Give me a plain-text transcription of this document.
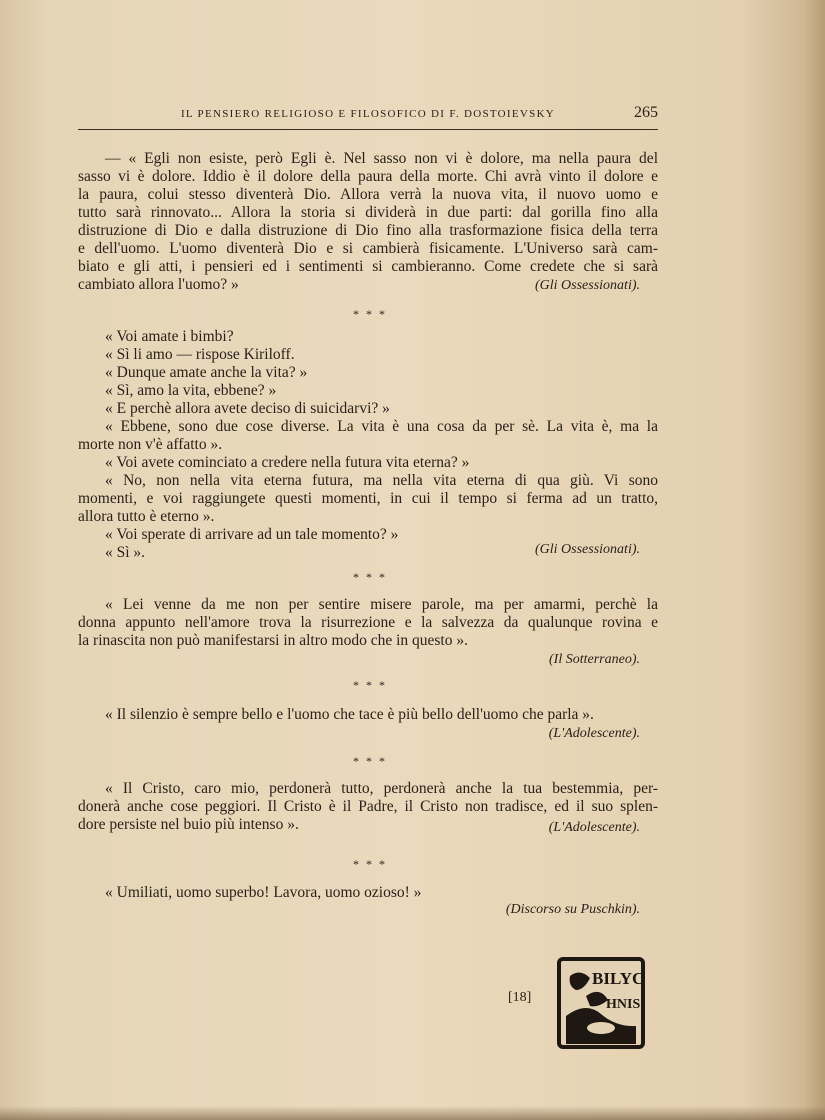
IL PENSIERO RELIGIOSO E FILOSOFICO DI F. DOSTOIEVSKY	265
— « Egli non esiste, però Egli è. Nel sasso non vi è dolore, ma nella paura del
sasso vi è dolore. Iddio è il dolore della paura della morte. Chi avrà vinto il dolore e
la paura, colui stesso diventerà Dio. Allora verrà la nuova vita, il nuovo uomo e
tutto sarà rinnovato... Allora la storia si dividerà in due parti: dal gorilla fino alla
distruzione di Dio e dalla distruzione di Dio fino alla trasformazione fisica della terra
e dell'uomo. L'uomo diventerà Dio e si cambierà fisicamente. L'Universo sarà cam-
biato e gli atti, i pensieri ed i sentimenti si cambieranno. Come credete che si sarà
cambiato allora l'uomo? »	(Gli Ossessionati).
* * *
« Voi amate i bimbi?
« Sì li amo — rispose Kiriloff.
« Dunque amate anche la vita? »
« Sì, amo la vita, ebbene? »
« E perchè allora avete deciso di suicidarvi? »
« Ebbene, sono due cose diverse. La vita è una cosa da per sè. La vita è, ma la
morte non v'è affatto ».
« Voi avete cominciato a credere nella futura vita eterna? »
« No, non nella vita eterna futura, ma nella vita eterna di qua giù. Vi sono
momenti, e voi raggiungete questi momenti, in cui il tempo si ferma ad un tratto,
allora tutto è eterno ».
« Voi sperate di arrivare ad un tale momento? »
« Sì ».	(Gli Ossessionati).
* * *
« Lei venne da me non per sentire misere parole, ma per amarmi, perchè la
donna appunto nell'amore trova la risurrezione e la salvezza da qualunque rovina e
la rinascita non può manifestarsi in altro modo che in questo ».
(Il Sotterraneo).
* * *
« Il silenzio è sempre bello e l'uomo che tace è più bello dell'uomo che parla ».
(L'Adolescente).
* * *
« Il Cristo, caro mio, perdonerà tutto, perdonerà anche la tua bestemmia, per-
donerà anche cose peggiori. Il Cristo è il Padre, il Cristo non tradisce, ed il suo splen-
dore persiste nel buio più intenso ».	(L'Adolescente).
* * *
« Umiliati, uomo superbo! Lavora, uomo ozioso! »
(Discorso su Puschkin).
[18]
BILYC
HNIS
